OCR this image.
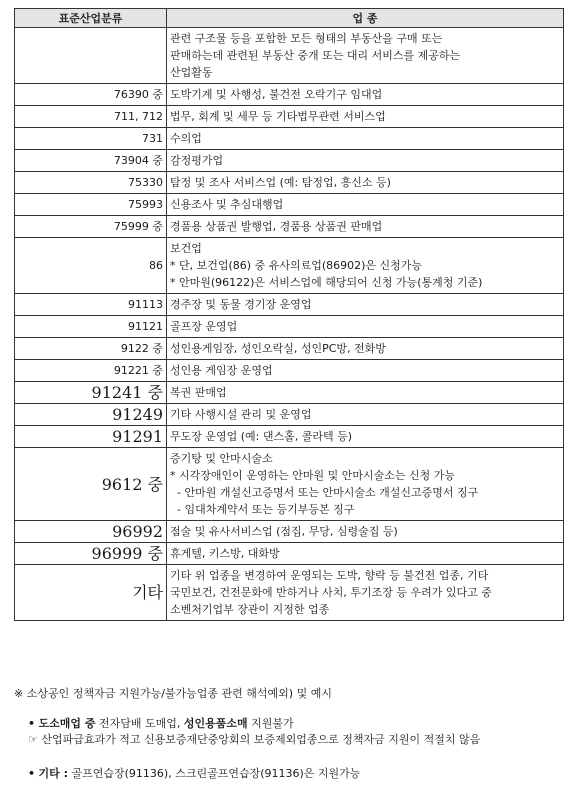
표준산업분류	업 종

	관련 구조물 등을 포함한 모든 형태의 부동산을 구매 또는
판매하는데 관련된 부동산 중개 또는 대리 서비스를 제공하는
산업활동

76390 중	도박기계 및 사행성, 불건전 오락기구 임대업

711, 712	법무, 회계 및 세무 등 기타법무관련 서비스업

731	수의업

73904 중	감정평가업

75330	탐정 및 조사 서비스업 (예: 탐정업, 흥신소 등)

75993	신용조사 및 추심대행업

75999 중	경품용 상품권 발행업, 경품용 상품권 판매업

86	보건업
* 단, 보건업(86) 중 유사의료업(86902)은 신청가능
* 안마원(96122)은 서비스업에 해당되어 신청 가능(통계청 기준)

91113	경주장 및 동물 경기장 운영업

91121	골프장 운영업

9122 중	성인용게임장, 성인오락실, 성인PC방, 전화방

91221 중	성인용 게임장 운영업

91241 중	복권 판매업

91249	기타 사행시설 관리 및 운영업

91291	무도장 운영업 (예: 댄스홀, 콜라텍 등)

9612 중	증기탕 및 안마시술소
* 시각장애인이 운영하는 안마원 및 안마시술소는 신청 가능
- 안마원 개설신고증명서 또는 안마시술소 개설신고증명서 징구
- 임대차계약서 또는 등기부등본 징구

96992	점술 및 유사서비스업 (점집, 무당, 심령술집 등)

96999 중	휴게텔, 키스방, 대화방

기타	기타 위 업종을 변경하여 운영되는 도박, 향락 등 불건전 업종, 기타
국민보건, 건전문화에 반하거나 사치, 투기조장 등 우려가 있다고 중
소벤처기업부 장관이 지정한 업종

※ 소상공인 정책자금 지원가능/불가능업종 관련 해석예외) 및 예시

• 도소매업 중 전자담배 도매업, 성인용품소매 지원불가

☞ 산업파급효과가 적고 신용보증재단중앙회의 보증제외업종으로 정책자금 지원이 적절치 않음

• 기타 : 골프연습장(91136), 스크린골프연습장(91136)은 지원가능
